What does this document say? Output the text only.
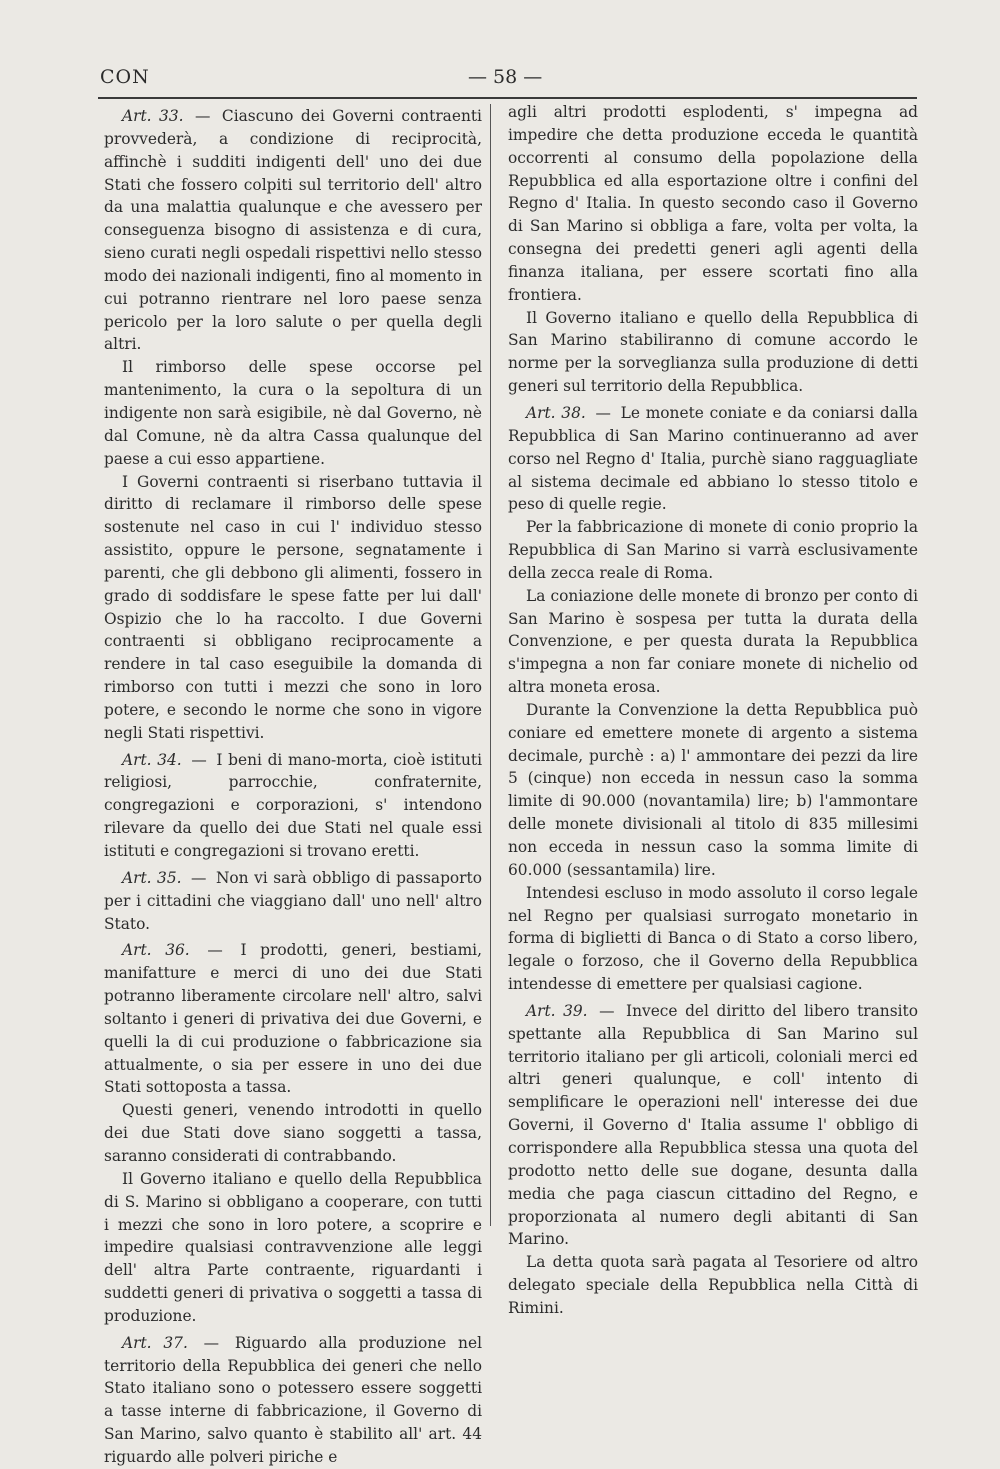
CON	— 58 —

Art. 33. — Ciascuno dei Governi contraenti provvederà, a condizione di reciprocità, affinchè i sudditi indigenti dell' uno dei due Stati che fossero colpiti sul territorio dell' altro da una malattia qualunque e che avessero per conseguenza bisogno di assistenza e di cura, sieno curati negli ospedali rispettivi nello stesso modo dei nazionali indigenti, fino al momento in cui potranno rientrare nel loro paese senza pericolo per la loro salute o per quella degli altri.

Il rimborso delle spese occorse pel mantenimento, la cura o la sepoltura di un indigente non sarà esigibile, nè dal Governo, nè dal Comune, nè da altra Cassa qualunque del paese a cui esso appartiene.

I Governi contraenti si riserbano tuttavia il diritto di reclamare il rimborso delle spese sostenute nel caso in cui l' individuo stesso assistito, oppure le persone, segnatamente i parenti, che gli debbono gli alimenti, fossero in grado di soddisfare le spese fatte per lui dall' Ospizio che lo ha raccolto. I due Governi contraenti si obbligano reciprocamente a rendere in tal caso eseguibile la domanda di rimborso con tutti i mezzi che sono in loro potere, e secondo le norme che sono in vigore negli Stati rispettivi.

Art. 34. — I beni di mano-morta, cioè istituti religiosi, parrocchie, confraternite, congregazioni e corporazioni, s' intendono rilevare da quello dei due Stati nel quale essi istituti e congregazioni si trovano eretti.

Art. 35. — Non vi sarà obbligo di passaporto per i cittadini che viaggiano dall' uno nell' altro Stato.

Art. 36. — I prodotti, generi, bestiami, manifatture e merci di uno dei due Stati potranno liberamente circolare nell' altro, salvi soltanto i generi di privativa dei due Governi, e quelli la di cui produzione o fabbricazione sia attualmente, o sia per essere in uno dei due Stati sottoposta a tassa.

Questi generi, venendo introdotti in quello dei due Stati dove siano soggetti a tassa, saranno considerati di contrabbando.

Il Governo italiano e quello della Repubblica di S. Marino si obbligano a cooperare, con tutti i mezzi che sono in loro potere, a scoprire e impedire qualsiasi contravvenzione alle leggi dell' altra Parte contraente, riguardanti i suddetti generi di privativa o soggetti a tassa di produzione.

Art. 37. — Riguardo alla produzione nel territorio della Repubblica dei generi che nello Stato italiano sono o potessero essere soggetti a tasse interne di fabbricazione, il Governo di San Marino, salvo quanto è stabilito all' art. 44 riguardo alle polveri piriche e

agli altri prodotti esplodenti, s' impegna ad impedire che detta produzione ecceda le quantità occorrenti al consumo della popolazione della Repubblica ed alla esportazione oltre i confini del Regno d' Italia. In questo secondo caso il Governo di San Marino si obbliga a fare, volta per volta, la consegna dei predetti generi agli agenti della finanza italiana, per essere scortati fino alla frontiera.

Il Governo italiano e quello della Repubblica di San Marino stabiliranno di comune accordo le norme per la sorveglianza sulla produzione di detti generi sul territorio della Repubblica.

Art. 38. — Le monete coniate e da coniarsi dalla Repubblica di San Marino continueranno ad aver corso nel Regno d' Italia, purchè siano ragguagliate al sistema decimale ed abbiano lo stesso titolo e peso di quelle regie.

Per la fabbricazione di monete di conio proprio la Repubblica di San Marino si varrà esclusivamente della zecca reale di Roma.

La coniazione delle monete di bronzo per conto di San Marino è sospesa per tutta la durata della Convenzione, e per questa durata la Repubblica s'impegna a non far coniare monete di nichelio od altra moneta erosa.

Durante la Convenzione la detta Repubblica può coniare ed emettere monete di argento a sistema decimale, purchè : a) l' ammontare dei pezzi da lire 5 (cinque) non ecceda in nessun caso la somma limite di 90.000 (novantamila) lire; b) l'ammontare delle monete divisionali al titolo di 835 millesimi non ecceda in nessun caso la somma limite di 60.000 (sessantamila) lire.

Intendesi escluso in modo assoluto il corso legale nel Regno per qualsiasi surrogato monetario in forma di biglietti di Banca o di Stato a corso libero, legale o forzoso, che il Governo della Repubblica intendesse di emettere per qualsiasi cagione.

Art. 39. — Invece del diritto del libero transito spettante alla Repubblica di San Marino sul territorio italiano per gli articoli, coloniali merci ed altri generi qualunque, e coll' intento di semplificare le operazioni nell' interesse dei due Governi, il Governo d' Italia assume l' obbligo di corrispondere alla Repubblica stessa una quota del prodotto netto delle sue dogane, desunta dalla media che paga ciascun cittadino del Regno, e proporzionata al numero degli abitanti di San Marino.

La detta quota sarà pagata al Tesoriere od altro delegato speciale della Repubblica nella Città di Rimini.
